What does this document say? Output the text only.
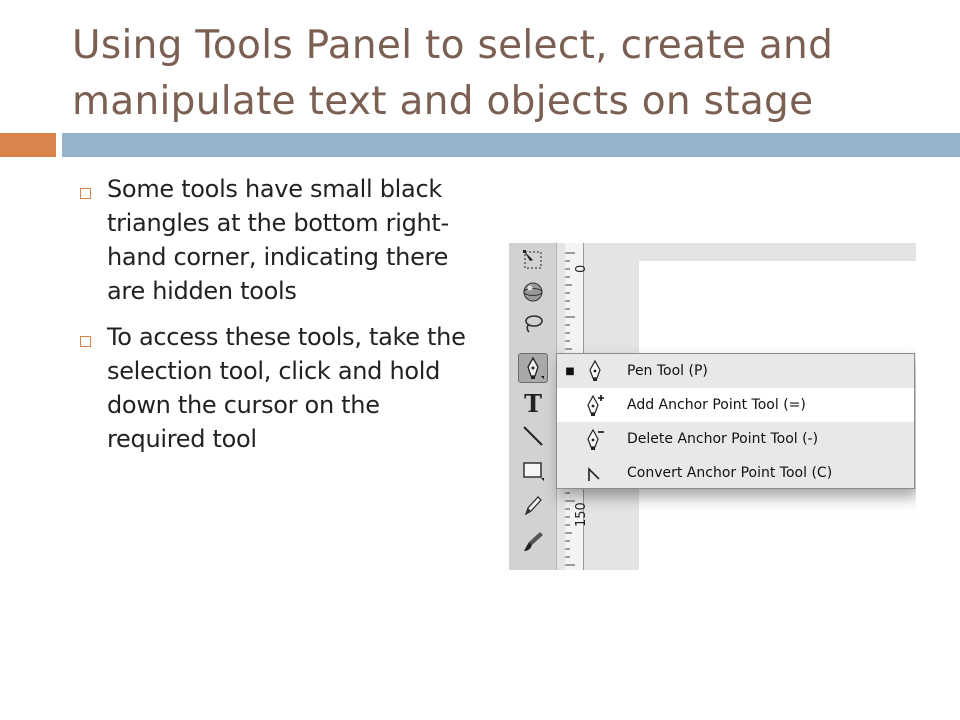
Using Tools Panel to select, create and manipulate text and objects on stage
Some tools have small black triangles at the bottom right-hand corner, indicating there are hidden tools
To access these tools, take the selection tool, click and hold down the cursor on the required tool
T
0
150
■	Pen Tool (P)
Add Anchor Point Tool (=)
Delete Anchor Point Tool (-)
Convert Anchor Point Tool (C)
